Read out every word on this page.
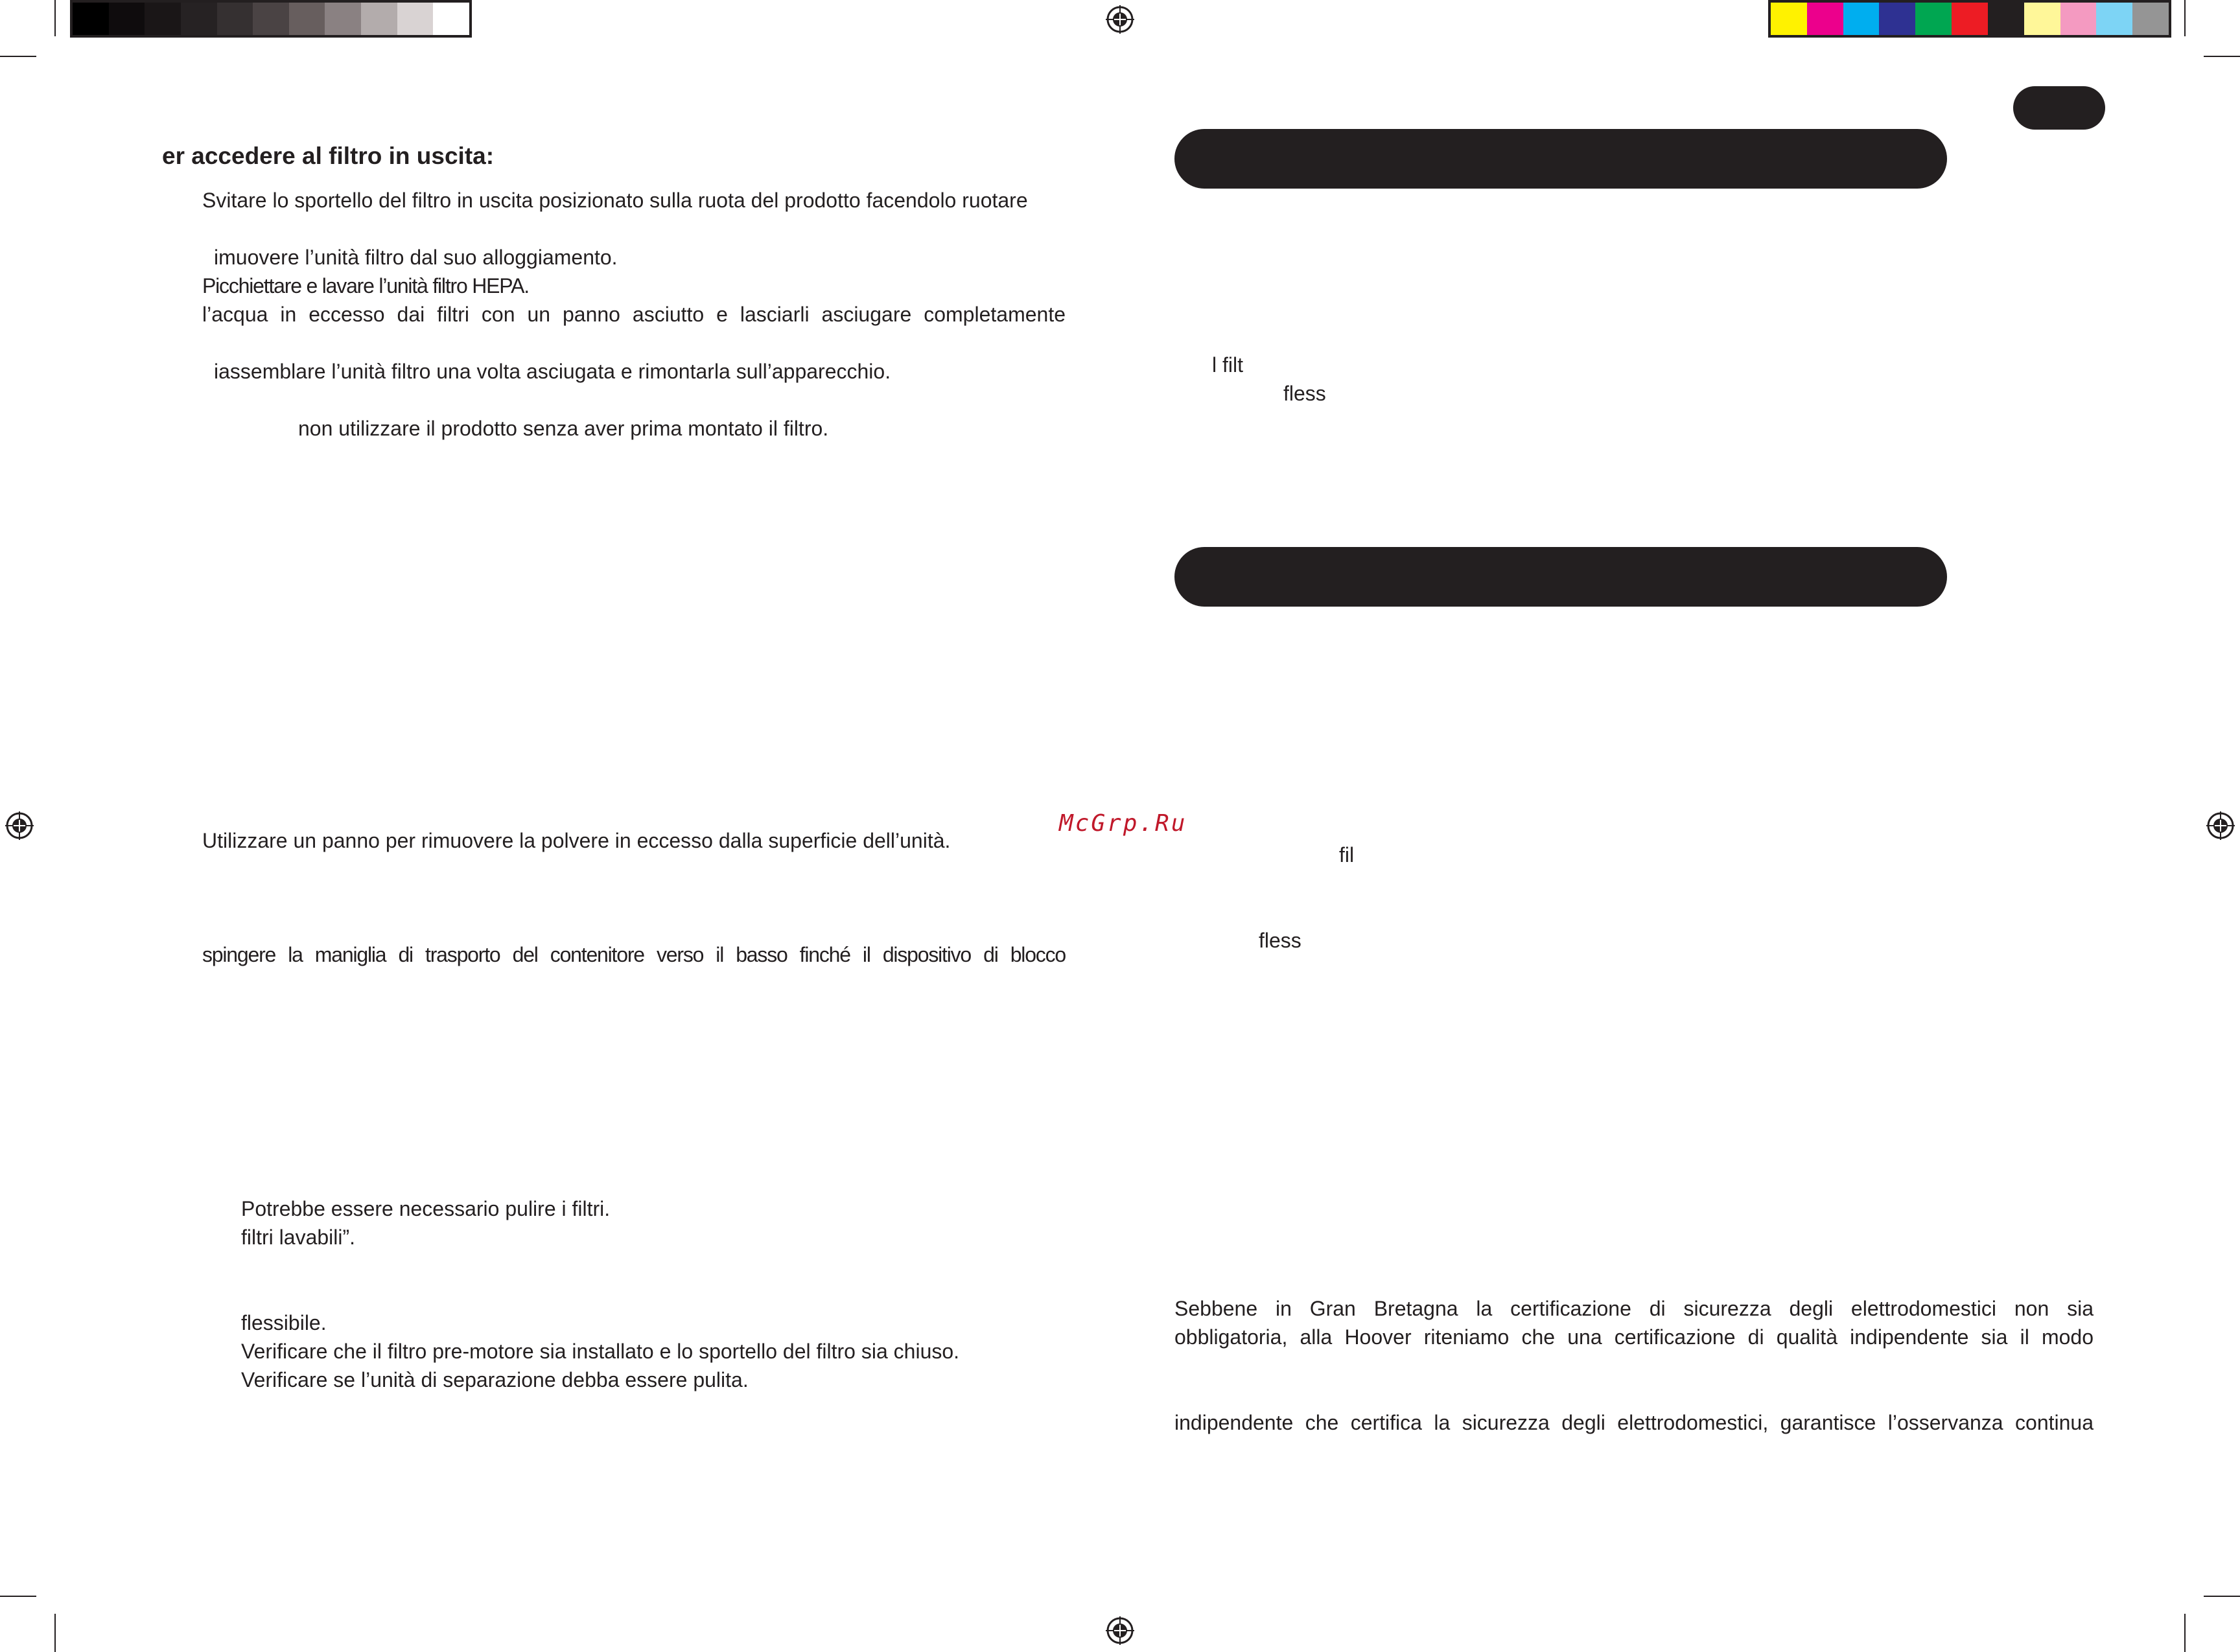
McGrp.Ru
er accedere al filtro in uscita:
Svitare lo sportello del filtro in uscita posizionato sulla ruota del prodotto facendolo ruotare
imuovere l’unità filtro dal suo alloggiamento.
Picchiettare e lavare l’unità filtro HEPA.
l’acqua in eccesso dai filtri con un panno asciutto e lasciarli asciugare completamente
iassemblare l’unità filtro una volta asciugata e rimontarla sull’apparecchio.
non utilizzare il prodotto senza aver prima montato il filtro.
Utilizzare un panno per rimuovere la polvere in eccesso dalla superficie dell’unità.
spingere la maniglia di trasporto del contenitore verso il basso finché il dispositivo di blocco
Potrebbe essere necessario pulire i filtri.
filtri lavabili”.
flessibile.
Verificare che il filtro pre-motore sia installato e lo sportello del filtro sia chiuso.
Verificare se l’unità di separazione debba essere pulita.
l filt
fless
fil
fless
Sebbene in Gran Bretagna la certificazione di sicurezza degli elettrodomestici non sia
obbligatoria, alla Hoover riteniamo che una certificazione di qualità indipendente sia il modo
indipendente che certifica la sicurezza degli elettrodomestici, garantisce l’osservanza continua
